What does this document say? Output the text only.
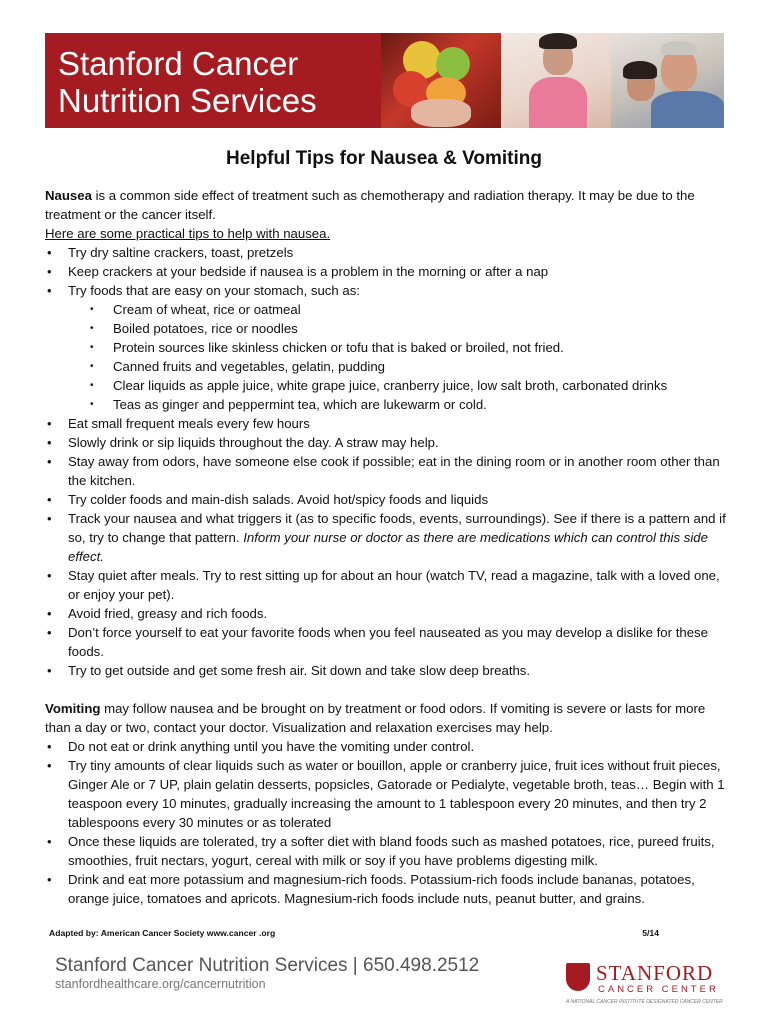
Stanford Cancer
Nutrition Services
Helpful Tips for Nausea & Vomiting

Nausea is a common side effect of treatment such as chemotherapy and radiation therapy. It may be due to the treatment or the cancer itself.

Here are some practical tips to help with nausea.

• Try dry saltine crackers, toast, pretzels
• Keep crackers at your bedside if nausea is a problem in the morning or after a nap
• Try foods that are easy on your stomach, such as:
• Cream of wheat, rice or oatmeal
• Boiled potatoes, rice or noodles
• Protein sources like skinless chicken or tofu that is baked or broiled, not fried.
• Canned fruits and vegetables, gelatin, pudding
• Clear liquids as apple juice, white grape juice, cranberry juice, low salt broth, carbonated drinks
• Teas as ginger and peppermint tea, which are lukewarm or cold.
• Eat small frequent meals every few hours
• Slowly drink or sip liquids throughout the day. A straw may help.
• Stay away from odors, have someone else cook if possible; eat in the dining room or in another room other than the kitchen.
• Try colder foods and main-dish salads. Avoid hot/spicy foods and liquids
• Track your nausea and what triggers it (as to specific foods, events, surroundings). See if there is a pattern and if so, try to change that pattern. Inform your nurse or doctor as there are medications which can control this side effect.
• Stay quiet after meals. Try to rest sitting up for about an hour (watch TV, read a magazine, talk with a loved one, or enjoy your pet).
• Avoid fried, greasy and rich foods.
• Don’t force yourself to eat your favorite foods when you feel nauseated as you may develop a dislike for these foods.
• Try to get outside and get some fresh air. Sit down and take slow deep breaths.

Vomiting may follow nausea and be brought on by treatment or food odors. If vomiting is severe or lasts for more than a day or two, contact your doctor. Visualization and relaxation exercises may help.

• Do not eat or drink anything until you have the vomiting under control.
• Try tiny amounts of clear liquids such as water or bouillon, apple or cranberry juice, fruit ices without fruit pieces, Ginger Ale or 7 UP, plain gelatin desserts, popsicles, Gatorade or Pedialyte, vegetable broth, teas… Begin with 1 teaspoon every 10 minutes, gradually increasing the amount to 1 tablespoon every 20 minutes, and then try 2 tablespoons every 30 minutes or as tolerated
• Once these liquids are tolerated, try a softer diet with bland foods such as mashed potatoes, rice, pureed fruits, smoothies, fruit nectars, yogurt, cereal with milk or soy if you have problems digesting milk.
• Drink and eat more potassium and magnesium-rich foods. Potassium-rich foods include bananas, potatoes, orange juice, tomatoes and apricots. Magnesium-rich foods include nuts, peanut butter, and grains.
Adapted by: American Cancer Society www.cancer .org	5/14
Stanford Cancer Nutrition Services | 650.498.2512
stanfordhealthcare.org/cancernutrition	STANFORD
CANCER CENTER
A NATIONAL CANCER INSTITUTE DESIGNATED CANCER CENTER
